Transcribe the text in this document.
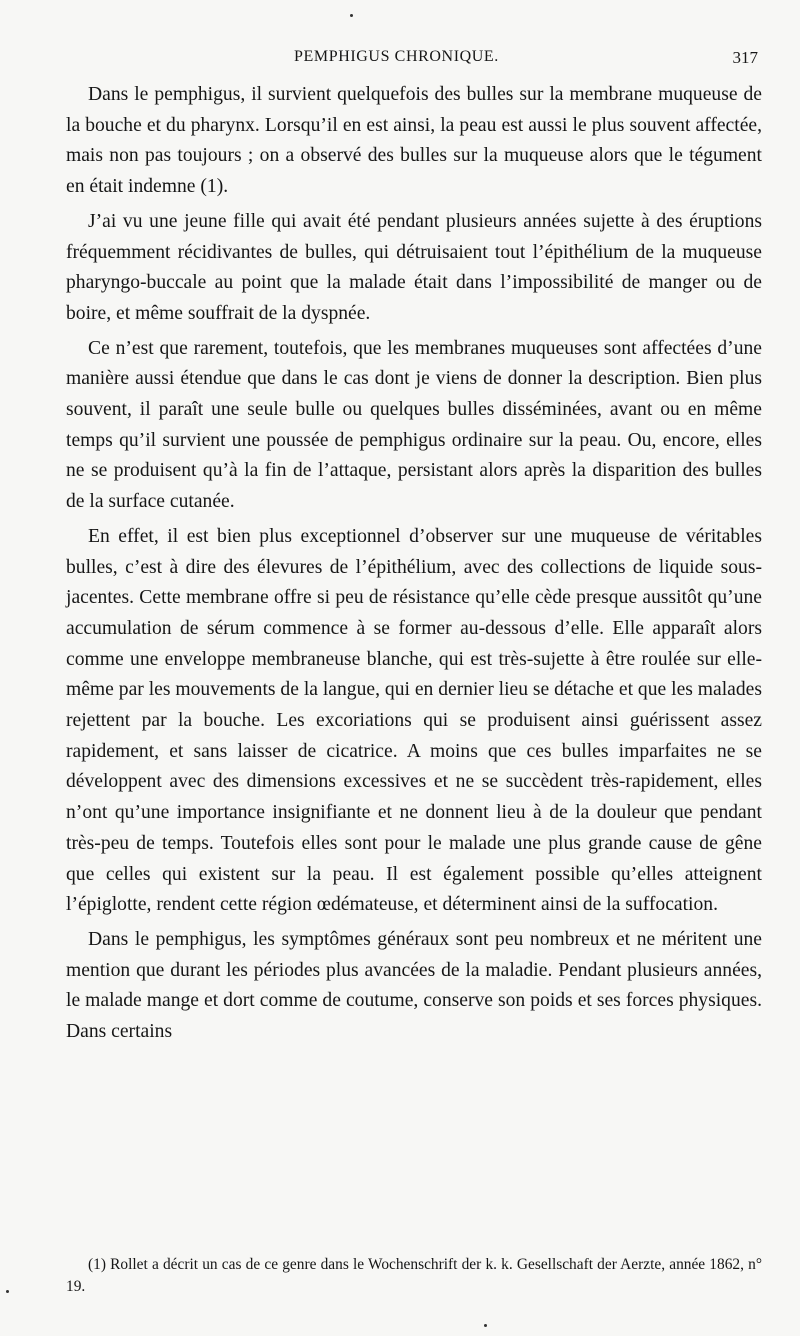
PEMPHIGUS CHRONIQUE.	317

Dans le pemphigus, il survient quelquefois des bulles sur la membrane muqueuse de la bouche et du pharynx. Lorsqu’il en est ainsi, la peau est aussi le plus souvent affectée, mais non pas toujours ; on a observé des bulles sur la muqueuse alors que le tégument en était indemne (1).

J’ai vu une jeune fille qui avait été pendant plusieurs années sujette à des éruptions fréquemment récidivantes de bulles, qui détruisaient tout l’épithélium de la muqueuse pharyngo-buccale au point que la malade était dans l’impossibilité de manger ou de boire, et même souffrait de la dyspnée.

Ce n’est que rarement, toutefois, que les membranes muqueuses sont affectées d’une manière aussi étendue que dans le cas dont je viens de donner la description. Bien plus souvent, il paraît une seule bulle ou quelques bulles disséminées, avant ou en même temps qu’il survient une poussée de pemphigus ordinaire sur la peau. Ou, encore, elles ne se produisent qu’à la fin de l’attaque, persistant alors après la disparition des bulles de la surface cutanée.

En effet, il est bien plus exceptionnel d’observer sur une muqueuse de véritables bulles, c’est à dire des élevures de l’épithélium, avec des collections de liquide sous-jacentes. Cette membrane offre si peu de résistance qu’elle cède presque aussitôt qu’une accumulation de sérum commence à se former au-dessous d’elle. Elle apparaît alors comme une enveloppe membraneuse blanche, qui est très-sujette à être roulée sur elle-même par les mouvements de la langue, qui en dernier lieu se détache et que les malades rejettent par la bouche. Les excoriations qui se produisent ainsi guérissent assez rapidement, et sans laisser de cicatrice. A moins que ces bulles imparfaites ne se développent avec des dimensions excessives et ne se succèdent très-rapidement, elles n’ont qu’une importance insignifiante et ne donnent lieu à de la douleur que pendant très-peu de temps. Toutefois elles sont pour le malade une plus grande cause de gêne que celles qui existent sur la peau. Il est également possible qu’elles atteignent l’épiglotte, rendent cette région œdémateuse, et déterminent ainsi de la suffocation.

Dans le pemphigus, les symptômes généraux sont peu nombreux et ne méritent une mention que durant les périodes plus avancées de la maladie. Pendant plusieurs années, le malade mange et dort comme de coutume, conserve son poids et ses forces physiques. Dans certains

(1) Rollet a décrit un cas de ce genre dans le Wochenschrift der k. k. Gesellschaft der Aerzte, année 1862, n° 19.
